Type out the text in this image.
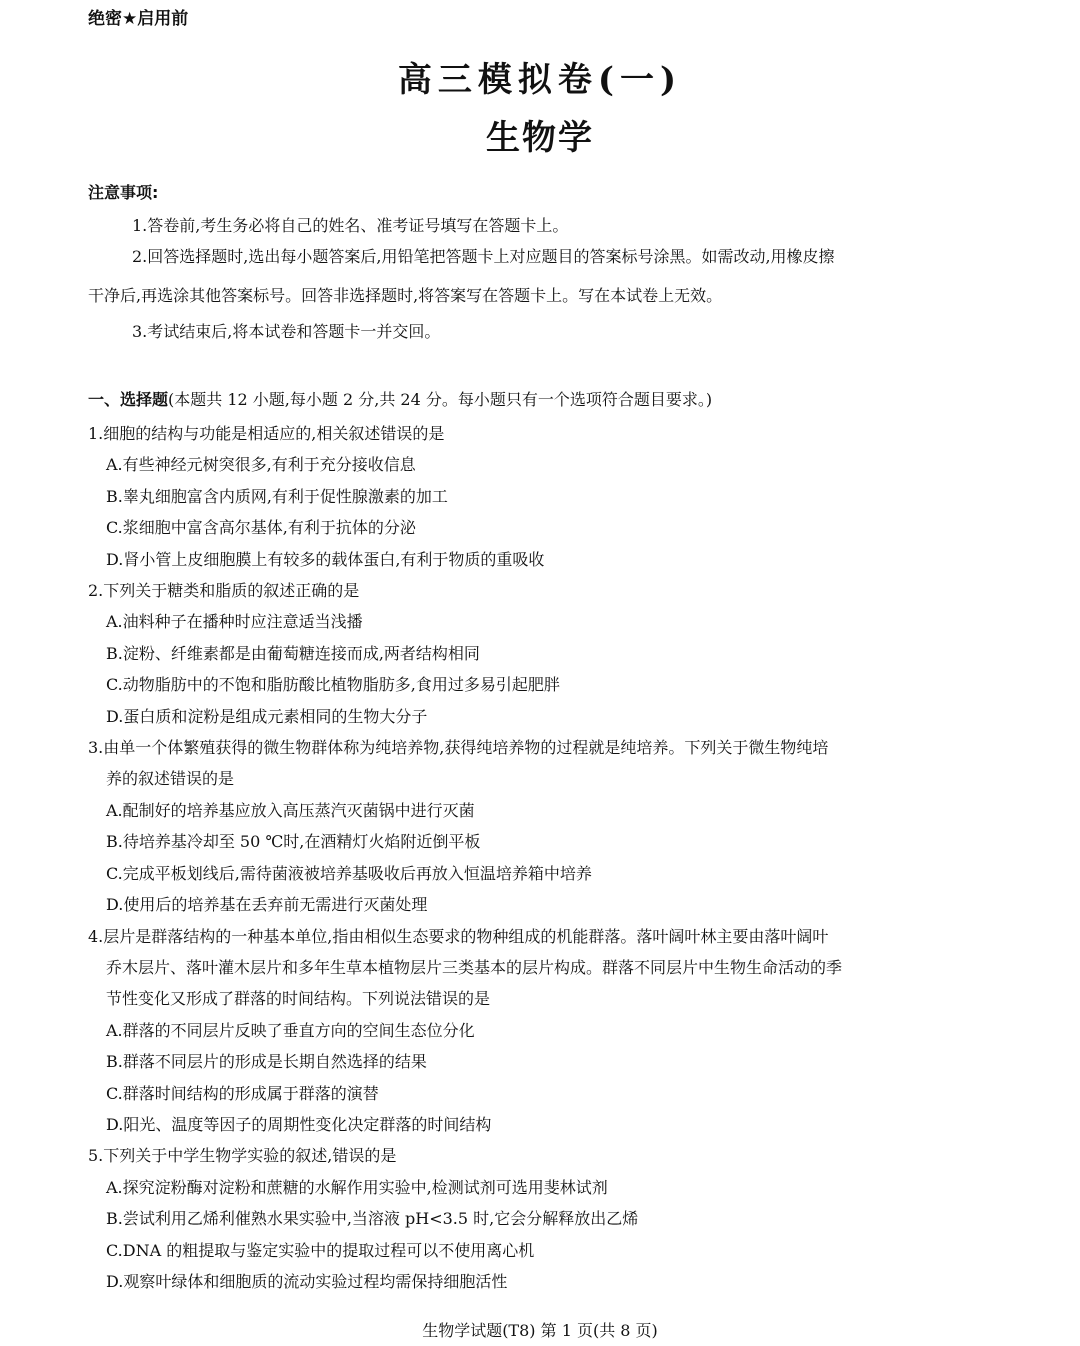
绝密★启用前
高三模拟卷(一)
生物学
注意事项:
1.答卷前,考生务必将自己的姓名、准考证号填写在答题卡上。
2.回答选择题时,选出每小题答案后,用铅笔把答题卡上对应题目的答案标号涂黑。如需改动,用橡皮擦
干净后,再选涂其他答案标号。回答非选择题时,将答案写在答题卡上。写在本试卷上无效。
3.考试结束后,将本试卷和答题卡一并交回。
一、选择题(本题共 12 小题,每小题 2 分,共 24 分。每小题只有一个选项符合题目要求。)

1.细胞的结构与功能是相适应的,相关叙述错误的是

A.有些神经元树突很多,有利于充分接收信息

B.睾丸细胞富含内质网,有利于促性腺激素的加工

C.浆细胞中富含高尔基体,有利于抗体的分泌

D.肾小管上皮细胞膜上有较多的载体蛋白,有利于物质的重吸收

2.下列关于糖类和脂质的叙述正确的是

A.油料种子在播种时应注意适当浅播

B.淀粉、纤维素都是由葡萄糖连接而成,两者结构相同

C.动物脂肪中的不饱和脂肪酸比植物脂肪多,食用过多易引起肥胖

D.蛋白质和淀粉是组成元素相同的生物大分子

3.由单一个体繁殖获得的微生物群体称为纯培养物,获得纯培养物的过程就是纯培养。下列关于微生物纯培

养的叙述错误的是

A.配制好的培养基应放入高压蒸汽灭菌锅中进行灭菌

B.待培养基冷却至 50 ℃时,在酒精灯火焰附近倒平板

C.完成平板划线后,需待菌液被培养基吸收后再放入恒温培养箱中培养

D.使用后的培养基在丢弃前无需进行灭菌处理

4.层片是群落结构的一种基本单位,指由相似生态要求的物种组成的机能群落。落叶阔叶林主要由落叶阔叶

乔木层片、落叶灌木层片和多年生草本植物层片三类基本的层片构成。群落不同层片中生物生命活动的季

节性变化又形成了群落的时间结构。下列说法错误的是

A.群落的不同层片反映了垂直方向的空间生态位分化

B.群落不同层片的形成是长期自然选择的结果

C.群落时间结构的形成属于群落的演替

D.阳光、温度等因子的周期性变化决定群落的时间结构

5.下列关于中学生物学实验的叙述,错误的是

A.探究淀粉酶对淀粉和蔗糖的水解作用实验中,检测试剂可选用斐林试剂

B.尝试利用乙烯利催熟水果实验中,当溶液 pH<3.5 时,它会分解释放出乙烯

C.DNA 的粗提取与鉴定实验中的提取过程可以不使用离心机

D.观察叶绿体和细胞质的流动实验过程均需保持细胞活性

生物学试题(T8) 第 1 页(共 8 页)
